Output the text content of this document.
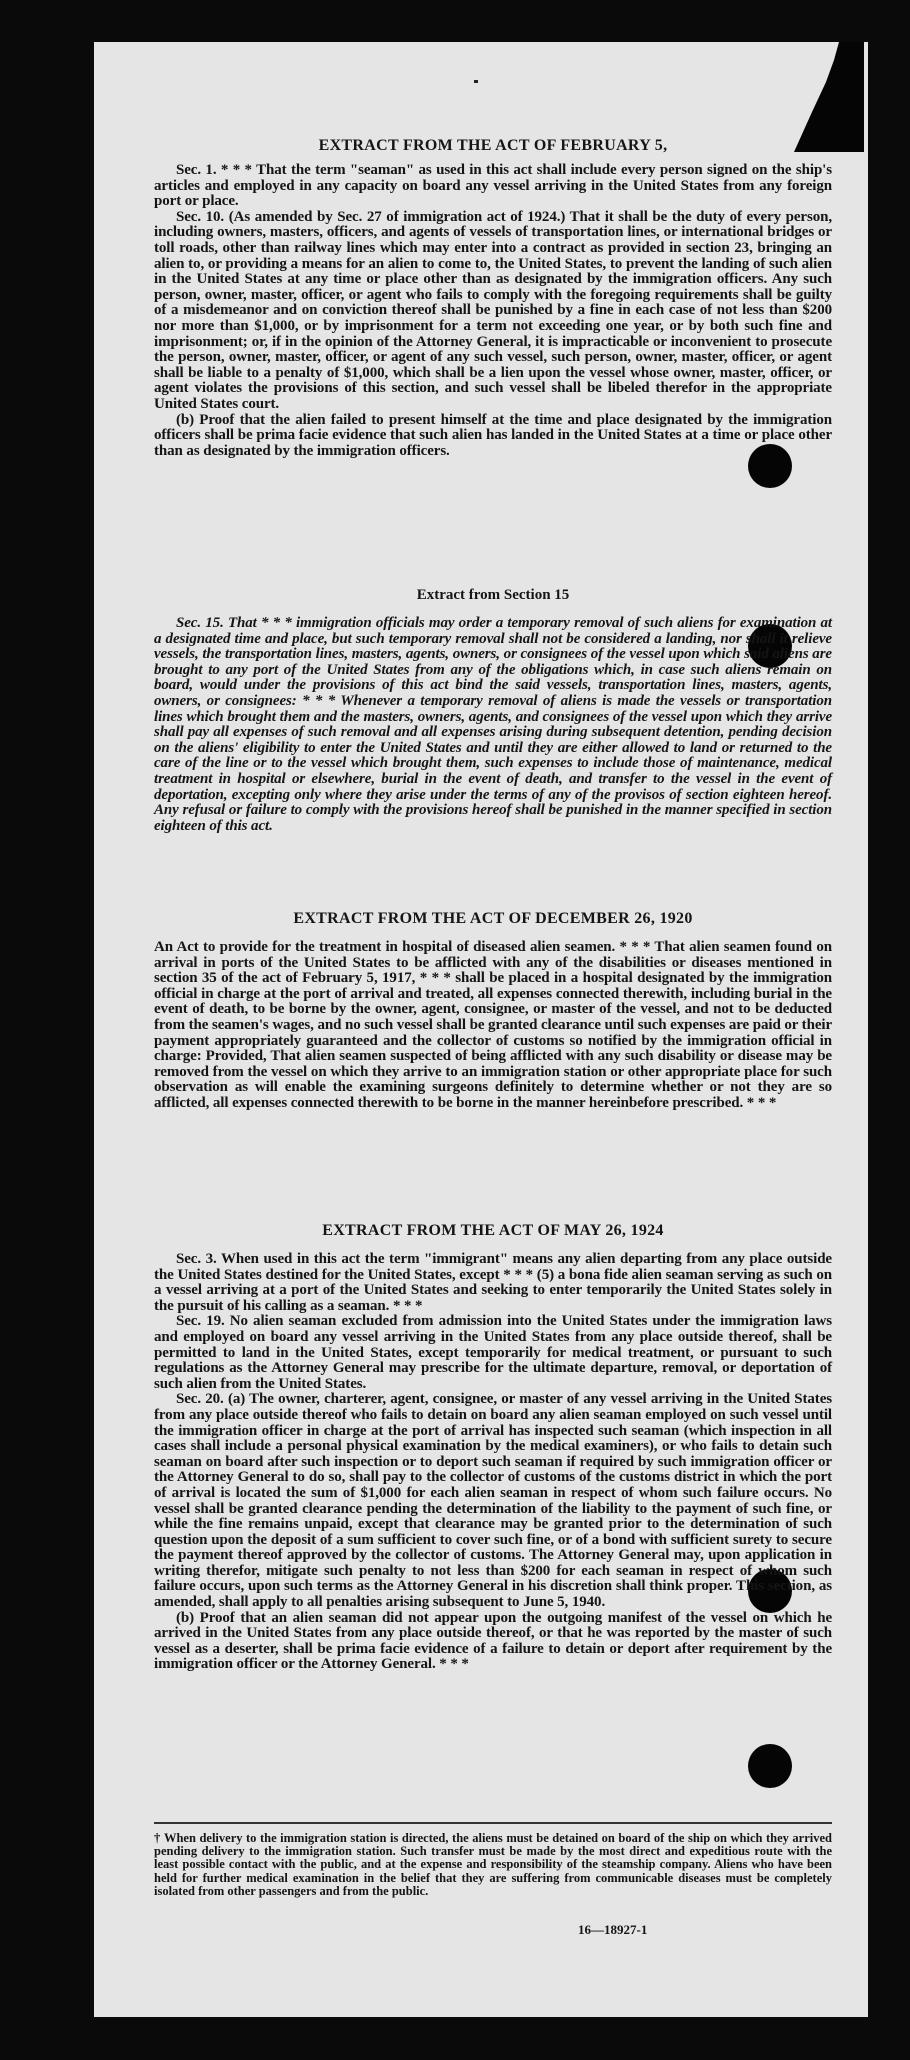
EXTRACT FROM THE ACT OF FEBRUARY 5,

Sec. 1. * * * That the term "seaman" as used in this act shall include every person signed on the ship's articles and employed in any capacity on board any vessel arriving in the United States from any foreign port or place.

Sec. 10. (As amended by Sec. 27 of immigration act of 1924.) That it shall be the duty of every person, including owners, masters, officers, and agents of vessels of transportation lines, or international bridges or toll roads, other than railway lines which may enter into a contract as provided in section 23, bringing an alien to, or providing a means for an alien to come to, the United States, to prevent the landing of such alien in the United States at any time or place other than as designated by the immigration officers. Any such person, owner, master, officer, or agent who fails to comply with the foregoing requirements shall be guilty of a misdemeanor and on conviction thereof shall be punished by a fine in each case of not less than $200 nor more than $1,000, or by imprisonment for a term not exceeding one year, or by both such fine and imprisonment; or, if in the opinion of the Attorney General, it is impracticable or inconvenient to prosecute the person, owner, master, officer, or agent of any such vessel, such person, owner, master, officer, or agent shall be liable to a penalty of $1,000, which shall be a lien upon the vessel whose owner, master, officer, or agent violates the provisions of this section, and such vessel shall be libeled therefor in the appropriate United States court.

(b) Proof that the alien failed to present himself at the time and place designated by the immigration officers shall be prima facie evidence that such alien has landed in the United States at a time or place other than as designated by the immigration officers.

Extract from Section 15

Sec. 15. That * * * immigration officials may order a temporary removal of such aliens for examination at a designated time and place, but such temporary removal shall not be considered a landing, nor shall it relieve vessels, the transportation lines, masters, agents, owners, or consignees of the vessel upon which said aliens are brought to any port of the United States from any of the obligations which, in case such aliens remain on board, would under the provisions of this act bind the said vessels, transportation lines, masters, agents, owners, or consignees: * * * Whenever a temporary removal of aliens is made the vessels or transportation lines which brought them and the masters, owners, agents, and consignees of the vessel upon which they arrive shall pay all expenses of such removal and all expenses arising during subsequent detention, pending decision on the aliens' eligibility to enter the United States and until they are either allowed to land or returned to the care of the line or to the vessel which brought them, such expenses to include those of maintenance, medical treatment in hospital or elsewhere, burial in the event of death, and transfer to the vessel in the event of deportation, excepting only where they arise under the terms of any of the provisos of section eighteen hereof. Any refusal or failure to comply with the provisions hereof shall be punished in the manner specified in section eighteen of this act.

EXTRACT FROM THE ACT OF DECEMBER 26, 1920

An Act to provide for the treatment in hospital of diseased alien seamen. * * * That alien seamen found on arrival in ports of the United States to be afflicted with any of the disabilities or diseases mentioned in section 35 of the act of February 5, 1917, * * * shall be placed in a hospital designated by the immigration official in charge at the port of arrival and treated, all expenses connected therewith, including burial in the event of death, to be borne by the owner, agent, consignee, or master of the vessel, and not to be deducted from the seamen's wages, and no such vessel shall be granted clearance until such expenses are paid or their payment appropriately guaranteed and the collector of customs so notified by the immigration official in charge: Provided, That alien seamen suspected of being afflicted with any such disability or disease may be removed from the vessel on which they arrive to an immigration station or other appropriate place for such observation as will enable the examining surgeons definitely to determine whether or not they are so afflicted, all expenses connected therewith to be borne in the manner hereinbefore prescribed. * * *

EXTRACT FROM THE ACT OF MAY 26, 1924

Sec. 3. When used in this act the term "immigrant" means any alien departing from any place outside the United States destined for the United States, except * * * (5) a bona fide alien seaman serving as such on a vessel arriving at a port of the United States and seeking to enter temporarily the United States solely in the pursuit of his calling as a seaman. * * *

Sec. 19. No alien seaman excluded from admission into the United States under the immigration laws and employed on board any vessel arriving in the United States from any place outside thereof, shall be permitted to land in the United States, except temporarily for medical treatment, or pursuant to such regulations as the Attorney General may prescribe for the ultimate departure, removal, or deportation of such alien from the United States.

Sec. 20. (a) The owner, charterer, agent, consignee, or master of any vessel arriving in the United States from any place outside thereof who fails to detain on board any alien seaman employed on such vessel until the immigration officer in charge at the port of arrival has inspected such seaman (which inspection in all cases shall include a personal physical examination by the medical examiners), or who fails to detain such seaman on board after such inspection or to deport such seaman if required by such immigration officer or the Attorney General to do so, shall pay to the collector of customs of the customs district in which the port of arrival is located the sum of $1,000 for each alien seaman in respect of whom such failure occurs. No vessel shall be granted clearance pending the determination of the liability to the payment of such fine, or while the fine remains unpaid, except that clearance may be granted prior to the determination of such question upon the deposit of a sum sufficient to cover such fine, or of a bond with sufficient surety to secure the payment thereof approved by the collector of customs. The Attorney General may, upon application in writing therefor, mitigate such penalty to not less than $200 for each seaman in respect of whom such failure occurs, upon such terms as the Attorney General in his discretion shall think proper. This section, as amended, shall apply to all penalties arising subsequent to June 5, 1940.

(b) Proof that an alien seaman did not appear upon the outgoing manifest of the vessel on which he arrived in the United States from any place outside thereof, or that he was reported by the master of such vessel as a deserter, shall be prima facie evidence of a failure to detain or deport after requirement by the immigration officer or the Attorney General. * * *

† When delivery to the immigration station is directed, the aliens must be detained on board of the ship on which they arrived pending delivery to the immigration station. Such transfer must be made by the most direct and expeditious route with the least possible contact with the public, and at the expense and responsibility of the steamship company. Aliens who have been held for further medical examination in the belief that they are suffering from communicable diseases must be completely isolated from other passengers and from the public.

16—18927-1
